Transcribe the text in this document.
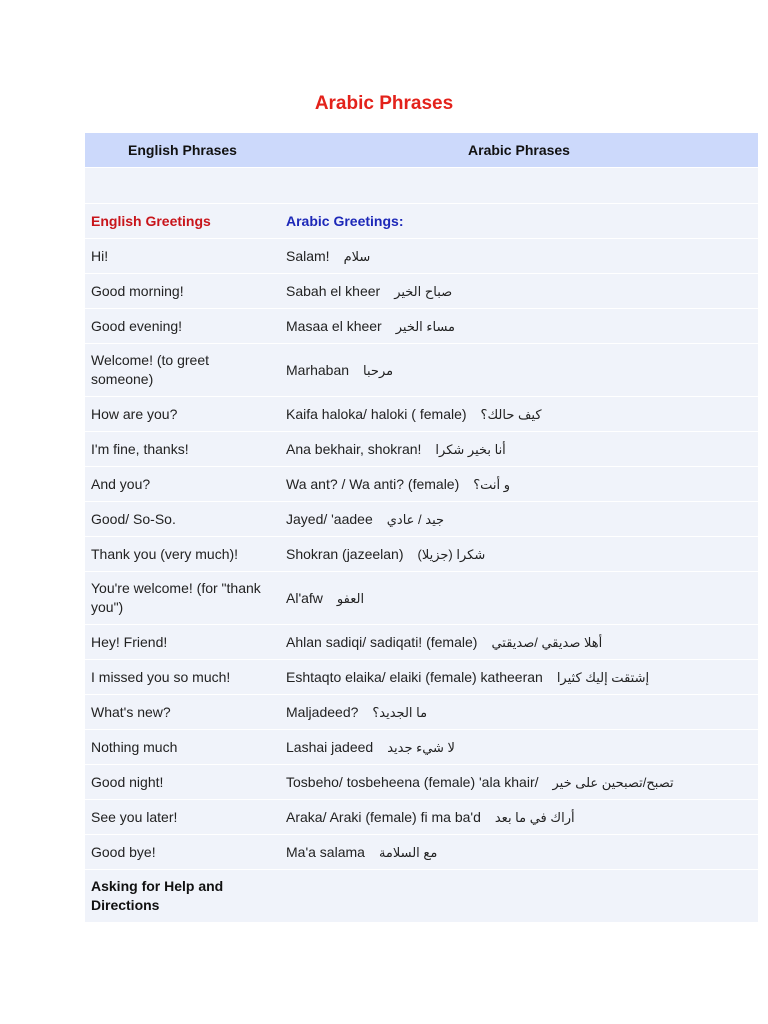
Arabic Phrases
English Phrases	Arabic Phrases

English Greetings	Arabic Greetings:
Hi!	Salam! سلام
Good morning!	Sabah el kheer صباح الخير
Good evening!	Masaa el kheer مساء الخير
Welcome! (to greet someone)	Marhaban مرحبا
How are you?	Kaifa haloka/ haloki ( female) كيف حالك؟
I'm fine, thanks!	Ana bekhair, shokran! أنا بخير شكرا
And you?	Wa ant? / Wa anti? (female) و أنت؟
Good/ So-So.	Jayed/ 'aadee جيد / عادي
Thank you (very much)!	Shokran (jazeelan) شكرا (جزيلا)
You're welcome! (for "thank you")	Al'afw العفو
Hey! Friend!	Ahlan sadiqi/ sadiqati! (female) أهلا صديقي /صديقتي
I missed you so much!	Eshtaqto elaika/ elaiki (female) katheeran إشتقت إليك كثيرا
What's new?	Maljadeed? ما الجديد؟
Nothing much	Lashai jadeed لا شيء جديد
Good night!	Tosbeho/ tosbeheena (female) 'ala khair/ تصبح/تصبحين على خير
See you later!	Araka/ Araki (female) fi ma ba'd أراك في ما بعد
Good bye!	Ma'a salama مع السلامة
Asking for Help and Directions	
